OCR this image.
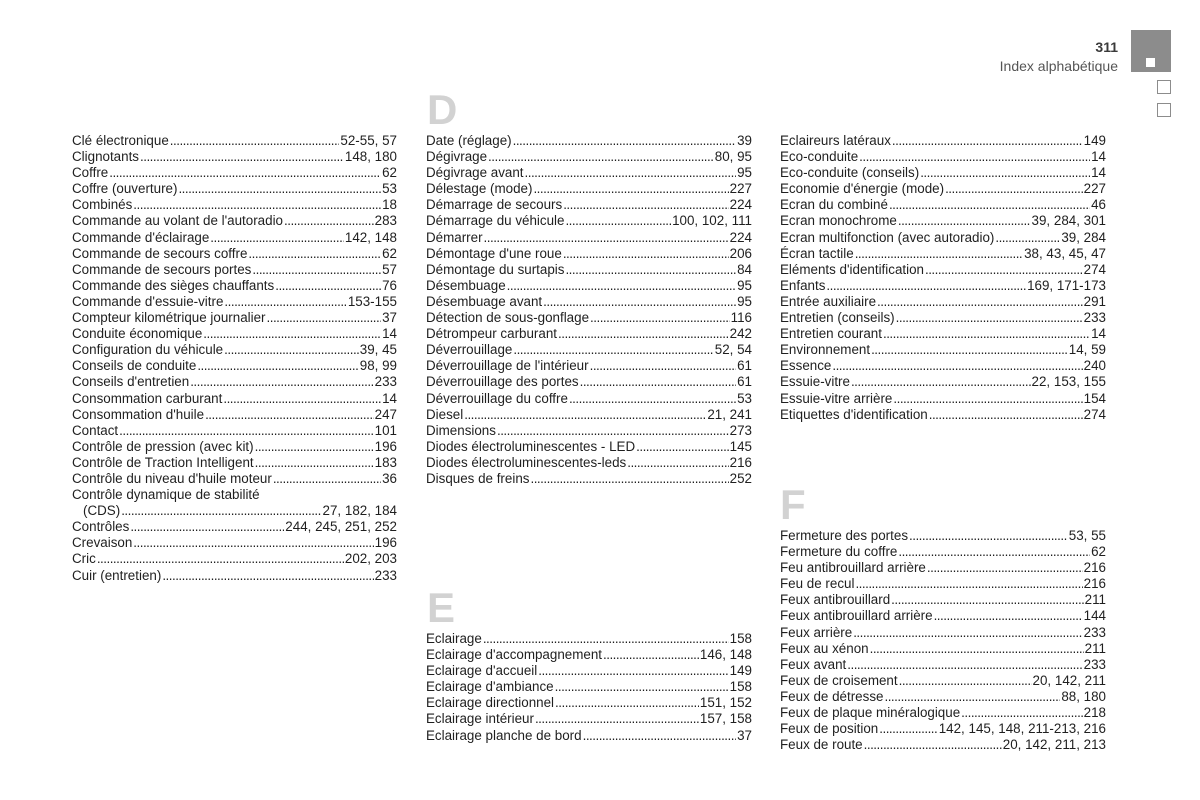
311
Index alphabétique
D
E
F
Clé électronique .....	52-55, 57
Clignotants .....	148, 180
Coffre .....	62
Coffre (ouverture) .....	53
Combinés .....	18
Commande au volant de l'autoradio .....	283
Commande d'éclairage .....	142, 148
Commande de secours coffre .....	62
Commande de secours portes .....	57
Commande des sièges chauffants .....	76
Commande d'essuie-vitre .....	153-155
Compteur kilométrique journalier .....	37
Conduite économique .....	14
Configuration du véhicule .....	39, 45
Conseils de conduite .....	98, 99
Conseils d'entretien .....	233
Consommation carburant .....	14
Consommation d'huile .....	247
Contact .....	101
Contrôle de pression (avec kit) .....	196
Contrôle de Traction Intelligent .....	183
Contrôle du niveau d'huile moteur .....	36
Contrôle dynamique de stabilité
(CDS) .....	27, 182, 184
Contrôles .....	244, 245, 251, 252
Crevaison .....	196
Cric .....	202, 203
Cuir (entretien) .....	233
Date (réglage) .....	39
Dégivrage .....	80, 95
Dégivrage avant .....	95
Délestage (mode) .....	227
Démarrage de secours .....	224
Démarrage du véhicule .....	100, 102, 111
Démarrer .....	224
Démontage d'une roue .....	206
Démontage du surtapis .....	84
Désembuage .....	95
Désembuage avant .....	95
Détection de sous-gonflage .....	116
Détrompeur carburant .....	242
Déverrouillage .....	52, 54
Déverrouillage de l'intérieur .....	61
Déverrouillage des portes .....	61
Déverrouillage du coffre .....	53
Diesel .....	21, 241
Dimensions .....	273
Diodes électroluminescentes - LED .....	145
Diodes électroluminescentes-leds .....	216
Disques de freins .....	252
Eclairage .....	158
Eclairage d'accompagnement .....	146, 148
Eclairage d'accueil .....	149
Eclairage d'ambiance .....	158
Eclairage directionnel .....	151, 152
Eclairage intérieur .....	157, 158
Eclairage planche de bord .....	37
Eclaireurs latéraux .....	149
Eco-conduite .....	14
Eco-conduite (conseils) .....	14
Economie d'énergie (mode) .....	227
Ecran du combiné .....	46
Ecran monochrome .....	39, 284, 301
Ecran multifonction (avec autoradio) .....	39, 284
Écran tactile .....	38, 43, 45, 47
Eléments d'identification .....	274
Enfants .....	169, 171-173
Entrée auxiliaire .....	291
Entretien (conseils) .....	233
Entretien courant .....	14
Environnement .....	14, 59
Essence .....	240
Essuie-vitre .....	22, 153, 155
Essuie-vitre arrière .....	154
Etiquettes d'identification .....	274
Fermeture des portes .....	53, 55
Fermeture du coffre .....	62
Feu antibrouillard arrière .....	216
Feu de recul .....	216
Feux antibrouillard .....	211
Feux antibrouillard arrière .....	144
Feux arrière .....	233
Feux au xénon .....	211
Feux avant .....	233
Feux de croisement .....	20, 142, 211
Feux de détresse .....	88, 180
Feux de plaque minéralogique .....	218
Feux de position .....	142, 145, 148, 211-213, 216
Feux de route .....	20, 142, 211, 213
